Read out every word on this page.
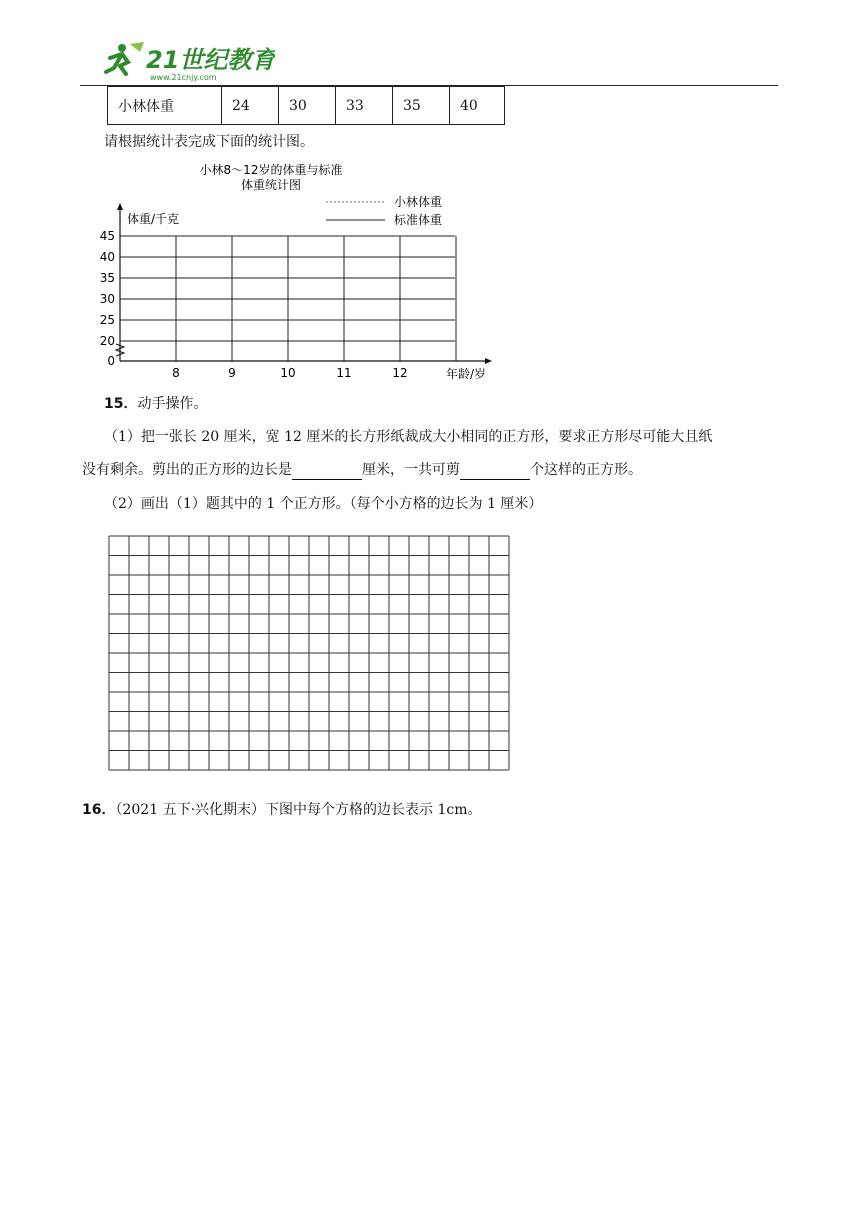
21世纪教育
www.21cnjy.com
小林体重	24	30	33	35	40
请根据统计表完成下面的统计图。
小林8～12岁的体重与标准
体重统计图
小林体重
标准体重
体重/千克
年龄/岁
0
20
25
30
35
40
45
8	9	10	11	12
15．动手操作。
（1）把一张长 20 厘米，宽 12 厘米的长方形纸裁成大小相同的正方形，要求正方形尽可能大且纸
没有剩余。剪出的正方形的边长是	厘米，一共可剪	个这样的正方形。
（2）画出（1）题其中的 1 个正方形。（每个小方格的边长为 1 厘米）
16．（2021 五下·兴化期末）下图中每个方格的边长表示 1cm。
